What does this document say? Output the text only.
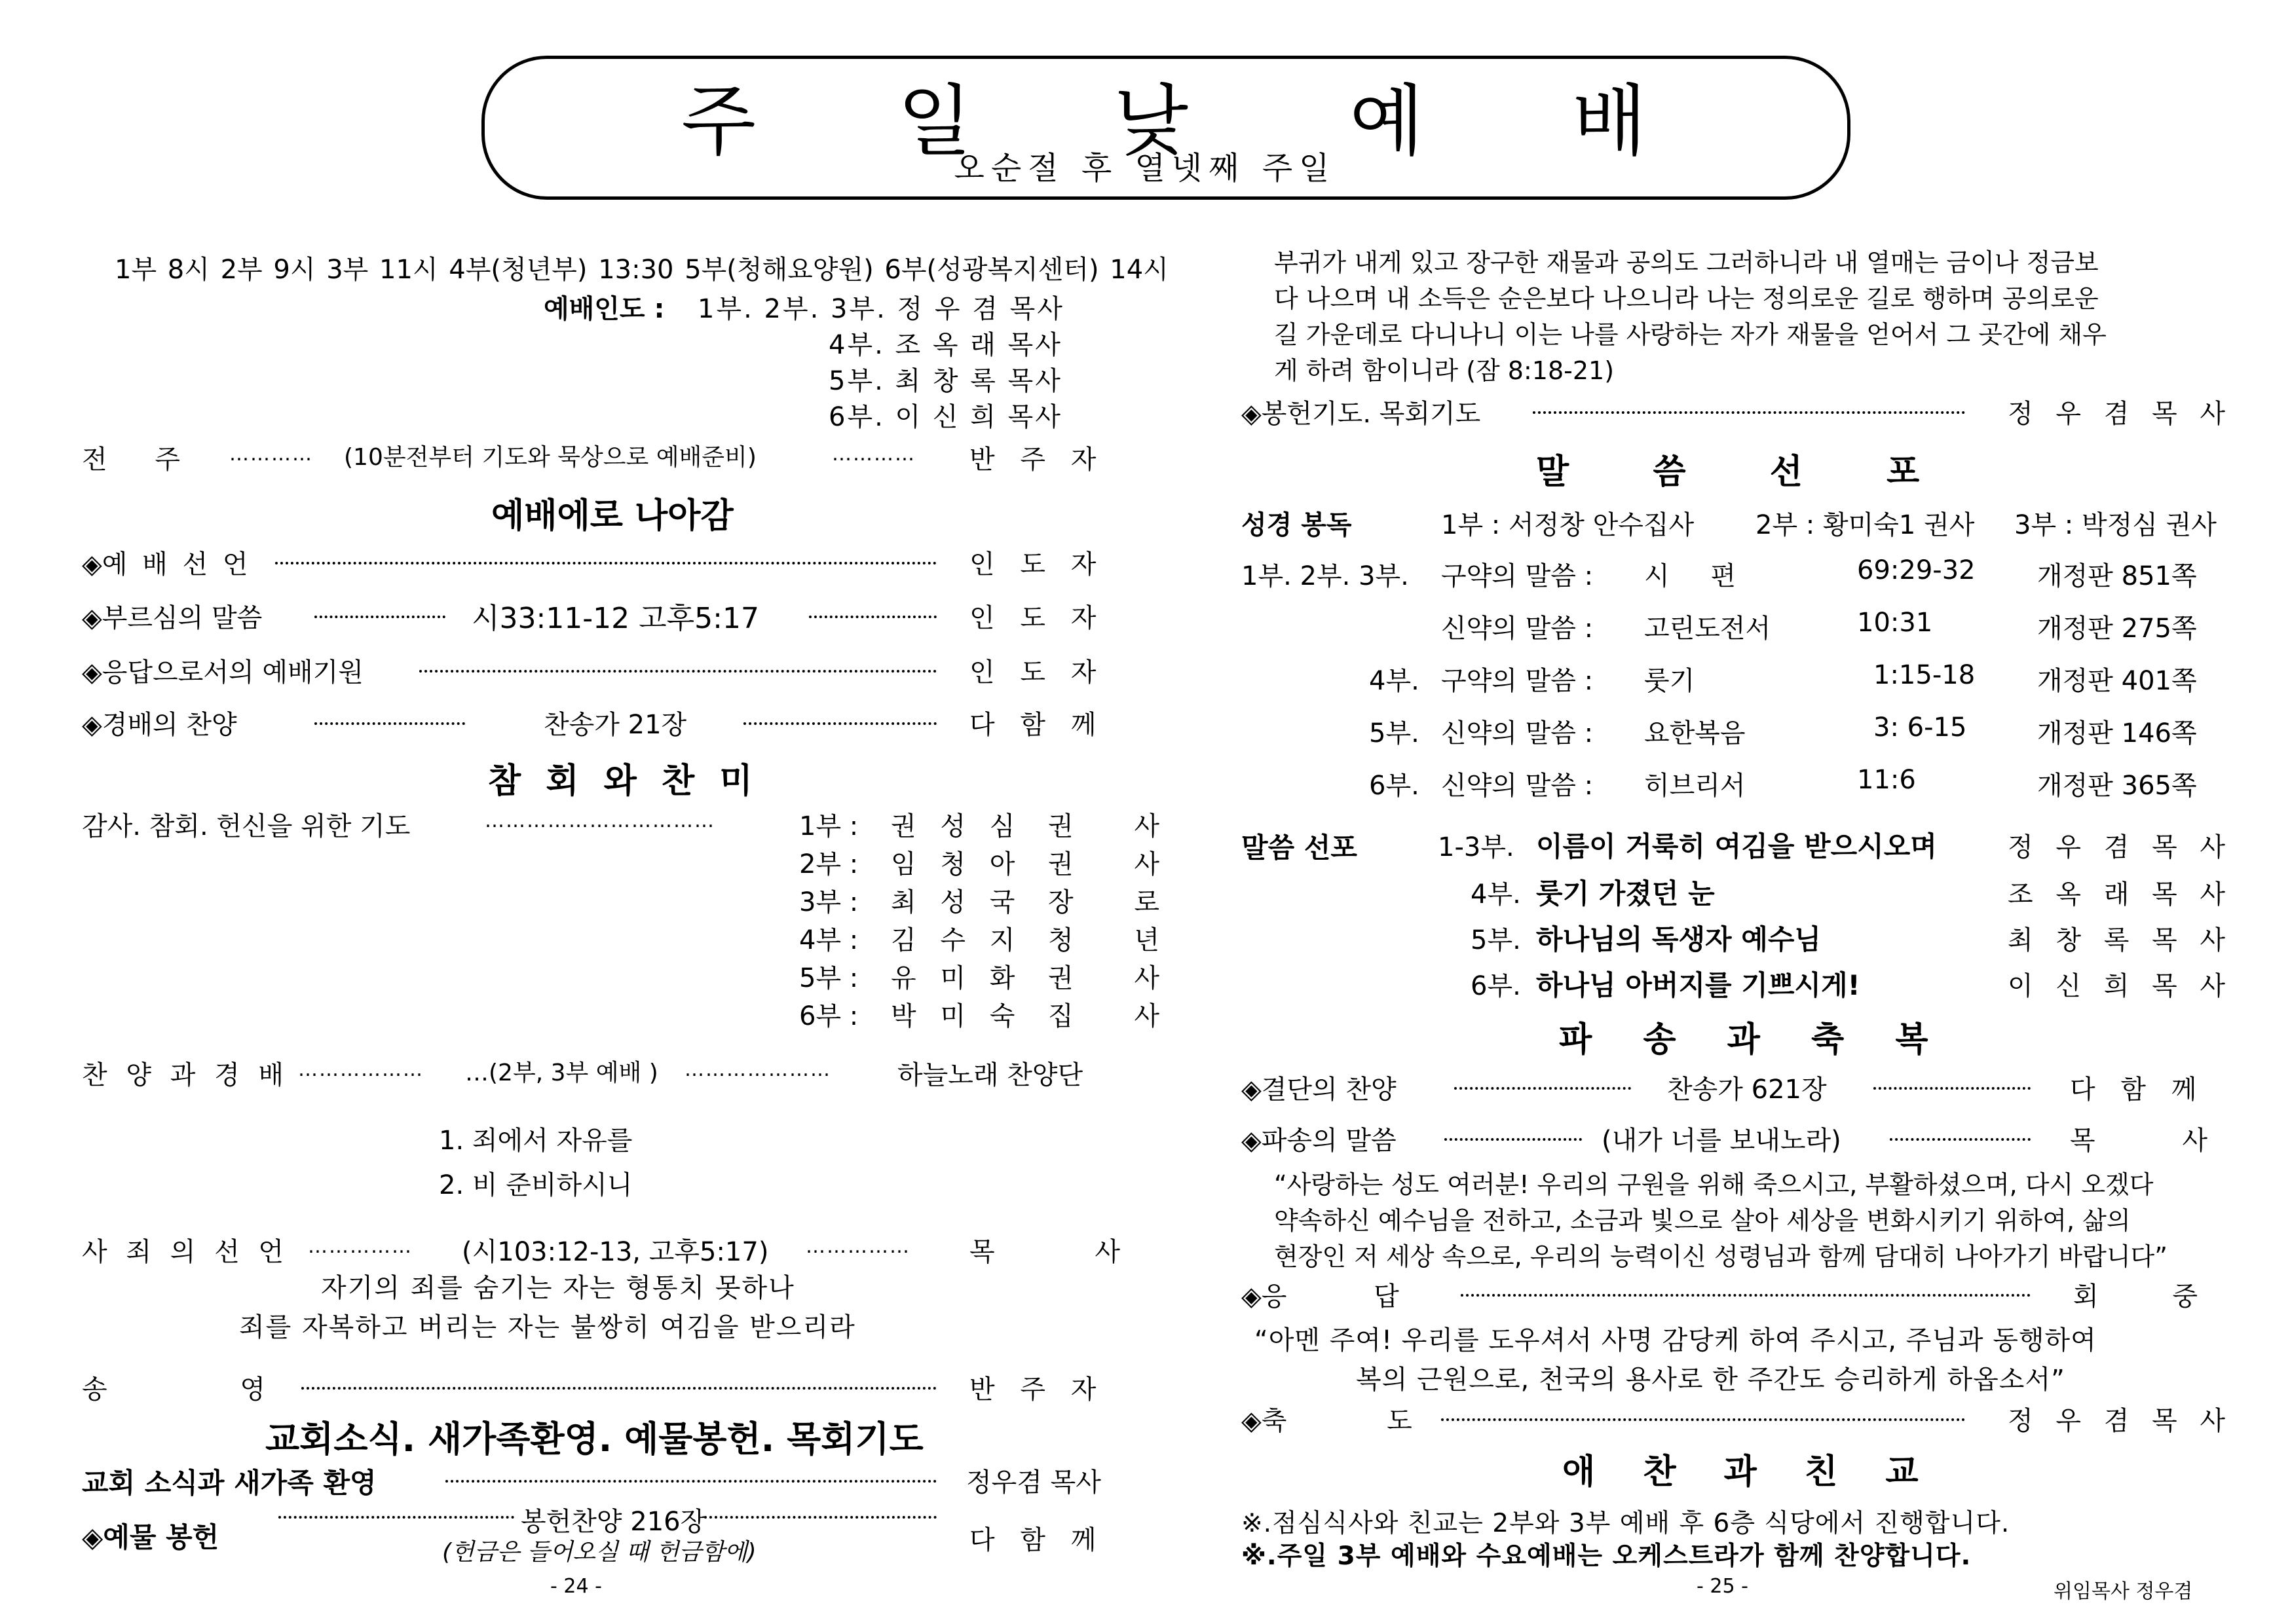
주 일 낮 예 배
오순절 후 열넷째 주일
1부 8시 2부 9시 3부 11시 4부(청년부) 13:30 5부(청해요양원) 6부(성광복지센터) 14시
예배인도 : 1부. 2부. 3부. 정 우 겸 목사
4부. 조 옥 래 목사
5부. 최 창 록 목사
6부. 이 신 희 목사
전 주	………… (10분전부터 기도와 묵상으로 예배준비)	………… 반 주 자
예배에로 나아감
◈예 배 선 언	인 도 자
◈부르심의 말씀	시33:11-12 고후5:17	인 도 자
◈응답으로서의 예배기원	인 도 자
◈경배의 찬양	찬송가 21장	다 함 께
참 회 와 찬 미
감사. 참회. 헌신을 위한 기도	……………………………	1부 : 권 성 심 권 사
2부 : 임 청 아 권 사
3부 : 최 성 국 장 로
4부 : 김 수 지 청 년
5부 : 유 미 화 권 사
6부 : 박 미 숙 집 사
찬 양 과 경 배 ……………… …(2부, 3부 예배 ) …………………	하늘노래 찬양단
1. 죄에서 자유를
2. 비 준비하시니
사 죄 의 선 언 …………… (시103:12-13, 고후5:17) …………… 목 사
자기의 죄를 숨기는 자는 형통치 못하나
죄를 자복하고 버리는 자는 불쌍히 여김을 받으리라
송 영	반 주 자
교회소식. 새가족환영. 예물봉헌. 목회기도
교회 소식과 새가족 환영	정우겸 목사
◈예물 봉헌	봉헌찬양 216장
(헌금은 들어오실 때 헌금함에)	다 함 께
- 24 -
부귀가 내게 있고 장구한 재물과 공의도 그러하니라 내 열매는 금이나 정금보
다 나으며 내 소득은 순은보다 나으니라 나는 정의로운 길로 행하며 공의로운
길 가운데로 다니나니 이는 나를 사랑하는 자가 재물을 얻어서 그 곳간에 채우
게 하려 함이니라 (잠 8:18-21)
◈봉헌기도. 목회기도	정 우 겸 목 사
말 씀 선 포
성경 봉독	1부 : 서정창 안수집사 2부 : 황미숙1 권사 3부 : 박정심 권사
1부. 2부. 3부. 구약의 말씀 : 시 편	69:29-32 개정판 851쪽
신약의 말씀 : 고린도전서	10:31	개정판 275쪽
4부. 구약의 말씀 : 룻기	1:15-18 개정판 401쪽
5부. 신약의 말씀 : 요한복음	3: 6-15	개정판 146쪽
6부. 신약의 말씀 : 히브리서	11:6	개정판 365쪽
말씀 선포	1-3부. 이름이 거룩히 여김을 받으시오며	정 우 겸 목 사
4부. 룻기 가졌던 눈	조 옥 래 목 사
5부. 하나님의 독생자 예수님	최 창 록 목 사
6부. 하나님 아버지를 기쁘시게!	이 신 희 목 사
파 송 과 축 복
◈결단의 찬양	찬송가 621장	다 함 께
◈파송의 말씀	(내가 너를 보내노라)	목 사
“사랑하는 성도 여러분! 우리의 구원을 위해 죽으시고, 부활하셨으며, 다시 오겠다
약속하신 예수님을 전하고, 소금과 빛으로 살아 세상을 변화시키기 위하여, 삶의
현장인 저 세상 속으로, 우리의 능력이신 성령님과 함께 담대히 나아가기 바랍니다”
◈응 답	회 중
“아멘 주여! 우리를 도우셔서 사명 감당케 하여 주시고, 주님과 동행하여
복의 근원으로, 천국의 용사로 한 주간도 승리하게 하옵소서”
◈축 도	정 우 겸 목 사
애 찬 과 친 교
※.점심식사와 친교는 2부와 3부 예배 후 6층 식당에서 진행합니다.
※.주일 3부 예배와 수요예배는 오케스트라가 함께 찬양합니다.
- 25 -	위임목사 정우겸
